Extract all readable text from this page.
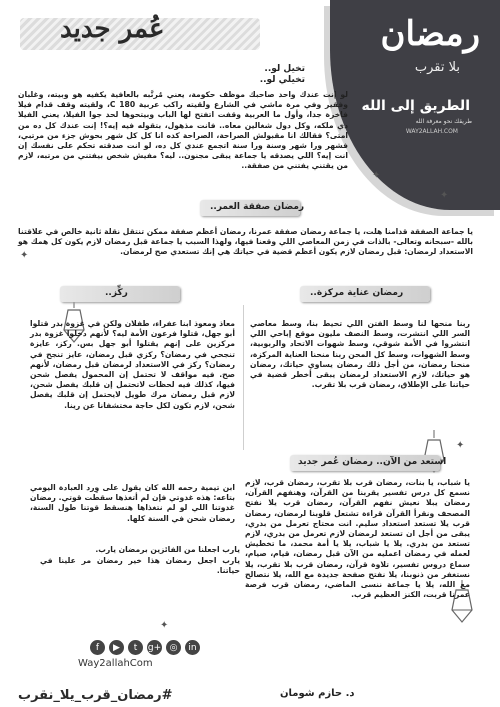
رمضان
بلا تقرب
الطريق إلى الله
طريقك نحو معرفة الله
WAY2ALLAH.COM
عُمر جديد
✦
✦
✦
✦
✦
تخيل لو..
تخيلي لو..
لو إنت عندك واحد صاحبك موظف حكومة، يعني مُرتَّبه بالعافية يكفيه هو وبيته، وغلبان وفقير وفي مرة ماشي في الشارع ولقيته راكب عربية 180 C، ولقيته وقف قدام فيلا فاخرة جدا، وأول ما العربية وقفت اتفتح لها الباب وبيتحوها لحد جوا الفيلا، يعني الفيلا دي ملكه، وكل دول شغالين معاه.. فانت مذهول، بتقوله فيه إيه؟! إنت عندك كل ده من امتى؟ فقالك انا مقبولش الصراحة، الصراحة كده انا كل كل شهر بحوش جزء من مرتبي، فشهر ورا شهر وسنة ورا سنة اتجمع عندي كل ده، لو انت صدقته تحكم على نفسك إن انت إيه؟ اللي يصدقه يا جماعة يبقى مجنون.. ليه؟ مفيش شخص بيفتني من مرتبه، لازم من يقتني يفتني من صفقة..
رمضان صفقة العمر..
يا جماعة الصفقة قدامنا هلت، يا جماعة رمضان صفقة عمرنا، رمضان أعظم صفقة ممكن تنتقل نقلة ثانية خالص في علاقتنا بالله -سبحانه وتعالى- بالذات في زمن المعاصي اللي وقعنا فيها، ولهذا السبب يا جماعة قبل رمضان لازم يكون كل همك هو الاستعداد لرمضان: قبل رمضان لازم يكون أعظم قضية في حياتك هي إنك تستعدي صح لرمضان.
رمضان عناية مركزة..
ركِّز..
ربنا منحها لنا وسط الفتن اللي تحيط بنا، وسط معاصي السر اللي انتشرت، وسط النصف مليون موقع إباحي اللي انتشروا في الأمة شوقي، وسط شهوات الاتحاد والربوبية، وسط الشهوات، وسط كل المحن ربنا منحنا العناية المركزة، منحنا رمضان، من أجل ذلك رمضان يساوي حياتك، رمضان هو حياتك، لازم الاستعداد لرمضان يبقى أخطر قضية في حياتنا على الإطلاق، رمضان قرب بلا تقرب.
معاذ ومعوذ ابنا عفراء، طفلان ولكن في غزوة بدر قتلوا أبو جهل، قتلوا فرعون الأمة ليه؟ لأنهم دخلوا غزوة بدر مركزين على إنهم يقتلوا أبو جهل بس. ركز، عايزة تنجحي في رمضان؟ ركزي قبل رمضان، عايز تنجح في رمضان؟ ركز في الاستعداد لرمضان قبل رمضان، لأنهم صح. فيه مواقف لا تحتمل إن المحمول يفصل شحن فيها، كذلك فيه لحظات لاتحتمل إن قلبك يفصل شحن، لازم قبل رمضان مرك طويل لايحتمل إن قلبك يفصل شحن، لازم تكون لكل حاجة مختشفانا عن رينا.
استعد من الآن.. رمضان عُمر جديد
ابن تيمية رحمه الله كان يقول على وِرد العبادة اليومي بتاعه: هذه غدوتي فإن لم أتغذها سقطت قوتي. رمضان غدوتنا اللي لو لم نتغذاها هنسقط قوتنا طول السنة، رمضان شحن في السنة كلها.
يارب اجعلنا من الفائزين برمضان يارب.
يارب اجعل رمضان هذا خير رمضان مر علينا في حياتنا.
يا شباب، يا بنات، رمضان قرب بلا تقرب، رمضان قرب، لازم نسمع كل درس تفسير يقربنا من القرآن، وهنفهم القرآن، رمضان يبلا نعيش نفهم القرآن، رمضان قرب يلا نفتح المصحف ونقرأ القرآن قراءة تشتعل قلوبنا لرمضان، رمضان قرب يلا تستعد استعداد سليم. انت محتاج تعرمل من بدري، يبقى من أجل ان تستعد لرمضان لازم تعرمل من بدري، لازم تستعد من بدري. يلا يا شباب، يلا يا أمة محمد، ما تخطيش لعمله في رمضان اعمليه من الآن قبل رمضان، قيام، صيام، سماع دروس تفسير، تلاوة قرآن، رمضان قرب بلا تقرب، يلا نستغفر من ذنوبنا، يلا نفتح صفحة جديدة مع الله، يلا نتصالح مع الله، يلا يا جماعة ننسى الماضي، رمضان قرب فرصة عمرنا قربت، الكنز العظيم قرب.
f	▶	t	g+ ◎	in
Way2allahCom
#رمضان_قرب_يلا_نقرب	د. حازم شومان
